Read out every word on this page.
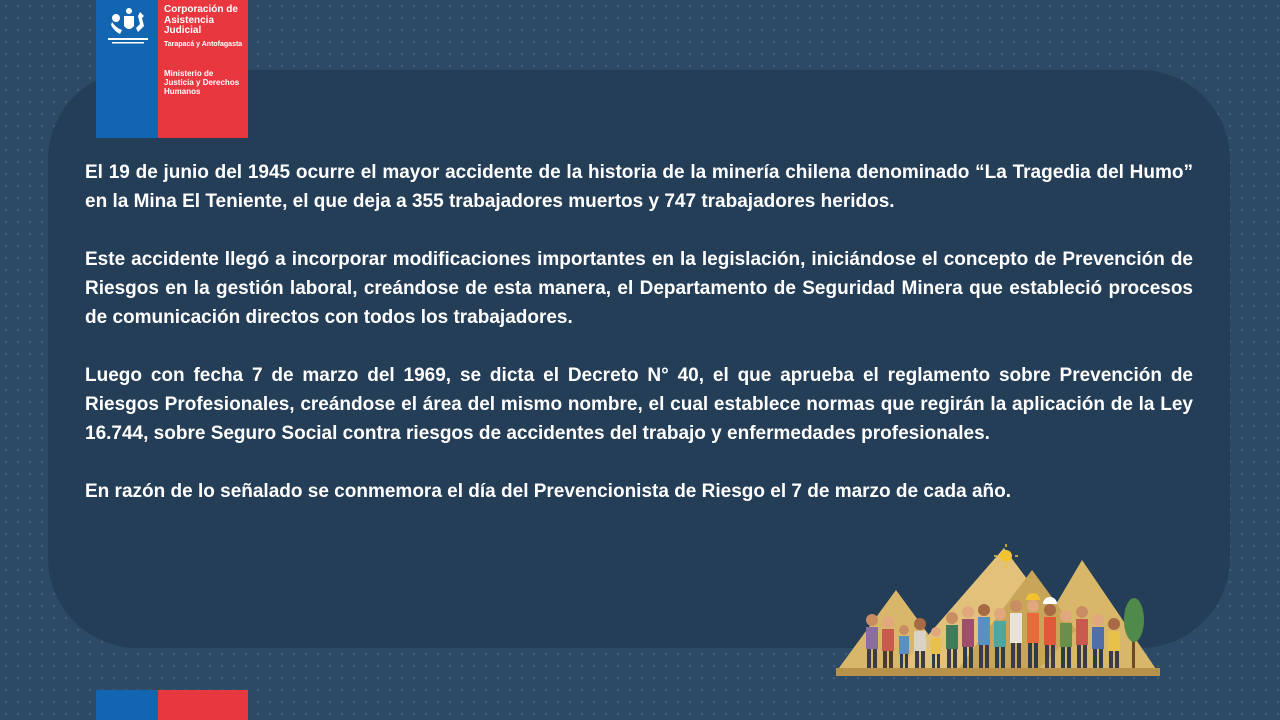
Corporación de Asistencia Judicial
Tarapacá y Antofagasta
Ministerio de Justicia y Derechos Humanos

El 19 de junio del 1945 ocurre el mayor accidente de la historia de la minería chilena denominado “La Tragedia del Humo” en la Mina El Teniente, el que deja a 355 trabajadores muertos y 747 trabajadores heridos.

Este accidente llegó a incorporar modificaciones importantes en la legislación, iniciándose el concepto de Prevención de Riesgos en la gestión laboral, creándose de esta manera, el Departamento de Seguridad Minera que estableció procesos de comunicación directos con todos los trabajadores.

Luego con fecha 7 de marzo del 1969, se dicta el Decreto N° 40, el que aprueba el reglamento sobre Prevención de Riesgos Profesionales, creándose el área del mismo nombre, el cual establece normas que regirán la aplicación de la Ley 16.744, sobre Seguro Social contra riesgos de accidentes del trabajo y enfermedades profesionales.

En razón de lo señalado se conmemora el día del Prevencionista de Riesgo el 7 de marzo de cada año.
